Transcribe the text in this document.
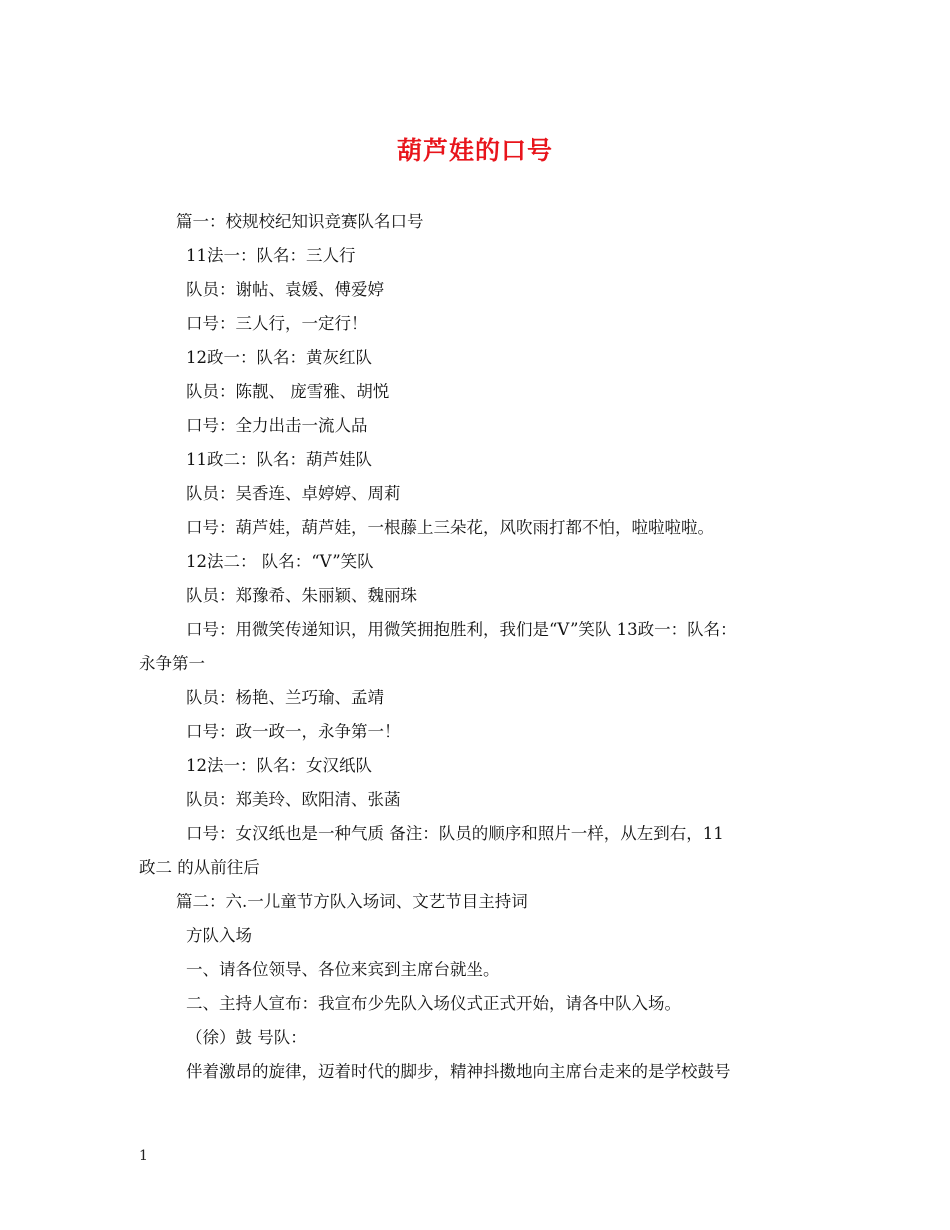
葫芦娃的口号
篇一：校规校纪知识竞赛队名口号
11法一：队名：三人行
队员：谢帖、袁媛、傅爱婷
口号：三人行，一定行！
12政一：队名：黄灰红队
队员：陈靓、 庞雪雅、胡悦
口号：全力出击一流人品
11政二：队名：葫芦娃队
队员：吴香连、卓婷婷、周莉
口号：葫芦娃，葫芦娃，一根藤上三朵花，风吹雨打都不怕，啦啦啦啦。
12法二： 队名：“V”笑队
队员：郑豫希、朱丽颖、魏丽珠
口号：用微笑传递知识，用微笑拥抱胜利，我们是“V”笑队 13政一：队名：
永争第一
队员：杨艳、兰巧瑜、孟靖
口号：政一政一，永争第一！
12法一：队名：女汉纸队
队员：郑美玲、欧阳清、张菡
口号：女汉纸也是一种气质 备注：队员的顺序和照片一样，从左到右，11
政二 的从前往后
篇二：六.一儿童节方队入场词、文艺节目主持词
方队入场
一、请各位领导、各位来宾到主席台就坐。
二、主持人宣布：我宣布少先队入场仪式正式开始，请各中队入场。
（徐）鼓 号队：
伴着激昂的旋律，迈着时代的脚步，精神抖擞地向主席台走来的是学校鼓号
1
